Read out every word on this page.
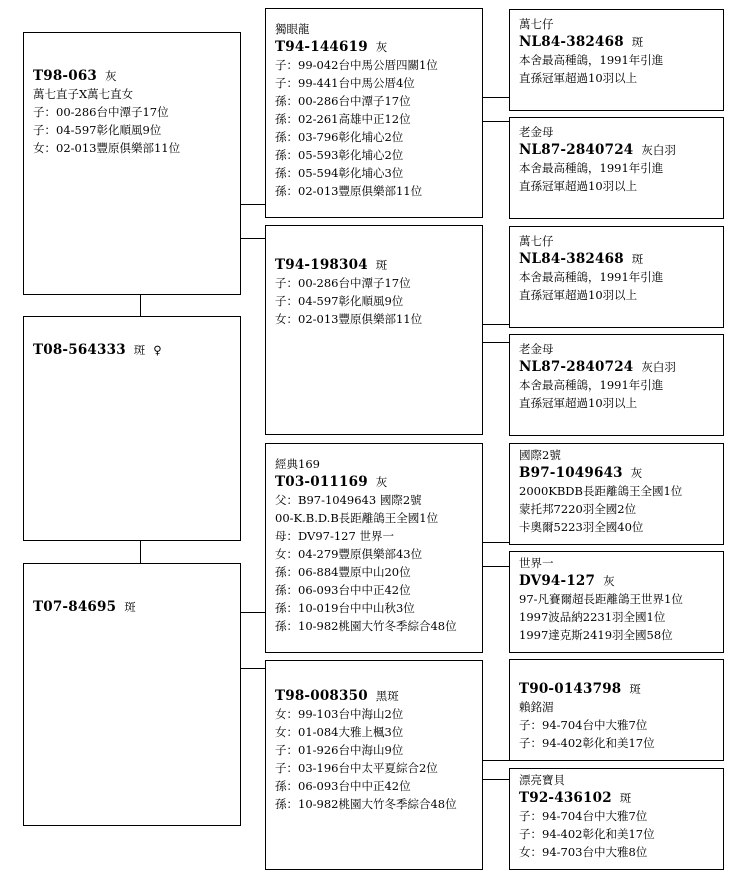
T98-063 灰
萬七直子X萬七直女
子：00-286台中潭子17位
子：04-597彰化順風9位
女：02-013豐原俱樂部11位
T08-564333 斑 ♀
T07-84695 斑
獨眼龍
T94-144619 灰
子：99-042台中馬公厝四關1位
子：99-441台中馬公厝4位
孫：00-286台中潭子17位
孫：02-261高雄中正12位
孫：03-796彰化埔心2位
孫：05-593彰化埔心2位
孫：05-594彰化埔心3位
孫：02-013豐原俱樂部11位
T94-198304 斑
子：00-286台中潭子17位
子：04-597彰化順風9位
女：02-013豐原俱樂部11位
經典169
T03-011169 灰
父：B97-1049643 國際2號
00-K.B.D.B長距離鴿王全國1位
母：DV97-127 世界一
女：04-279豐原俱樂部43位
孫：06-884豐原中山20位
孫：06-093台中中正42位
孫：10-019台中中山秋3位
孫：10-982桃園大竹冬季綜合48位
T98-008350 黑斑
女：99-103台中海山2位
女：01-084大雅上楓3位
子：01-926台中海山9位
子：03-196台中太平夏綜合2位
孫：06-093台中中正42位
孫：10-982桃園大竹冬季綜合48位
萬七仔
NL84-382468 斑
本舍最高種鴿，1991年引進
直孫冠軍超過10羽以上
老金母
NL87-2840724 灰白羽
本舍最高種鴿，1991年引進
直孫冠軍超過10羽以上
萬七仔
NL84-382468 斑
本舍最高種鴿，1991年引進
直孫冠軍超過10羽以上
老金母
NL87-2840724 灰白羽
本舍最高種鴿，1991年引進
直孫冠軍超過10羽以上
國際2號
B97-1049643 灰
2000KBDB長距離鴿王全國1位
蒙托邦7220羽全國2位
卡奧爾5223羽全國40位
世界一
DV94-127 灰
97-凡賽爾超長距離鴿王世界1位
1997波品納2231羽全國1位
1997達克斯2419羽全國58位
T90-0143798 斑
賴銘湄
子：94-704台中大雅7位
子：94-402彰化和美17位
漂亮寶貝
T92-436102 斑
子：94-704台中大雅7位
子：94-402彰化和美17位
女：94-703台中大雅8位
